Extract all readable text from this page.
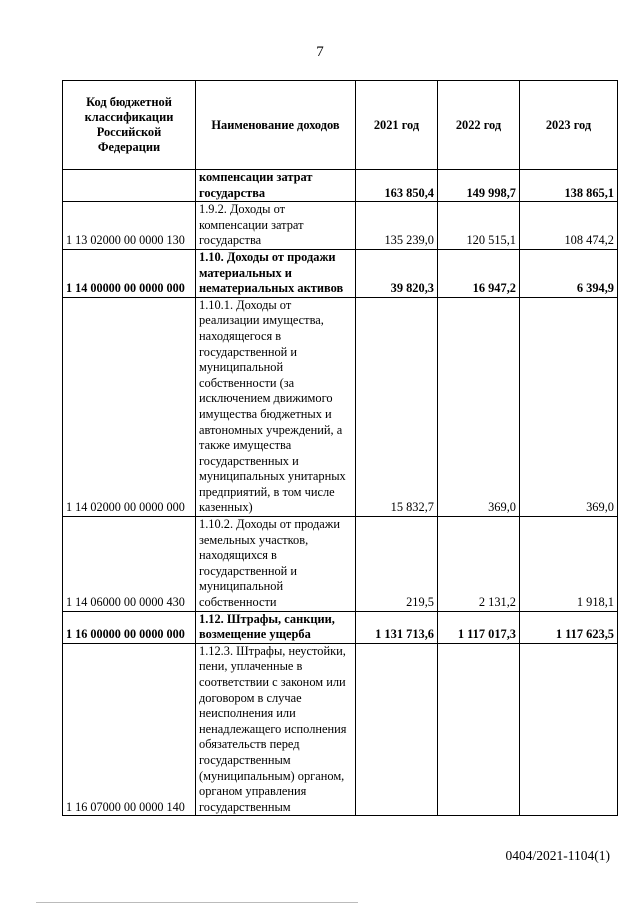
7
Код бюджетной классификации Российской Федерации	Наименование доходов	2021 год	2022 год	2023 год
	компенсации затрат государства	163 850,4	149 998,7	138 865,1
1 13 02000 00 0000 130	1.9.2. Доходы от компенсации затрат государства	135 239,0	120 515,1	108 474,2
1 14 00000 00 0000 000	1.10. Доходы от продажи материальных и нематериальных активов	39 820,3	16 947,2	6 394,9
1 14 02000 00 0000 000	1.10.1. Доходы от реализации имущества, находящегося в государственной и муниципальной собственности (за исключением движимого имущества бюджетных и автономных учреждений, а также имущества государственных и муниципальных унитарных предприятий, в том числе казенных)	15 832,7	369,0	369,0
1 14 06000 00 0000 430	1.10.2. Доходы от продажи земельных участков, находящихся в государственной и муниципальной собственности	219,5	2 131,2	1 918,1
1 16 00000 00 0000 000	1.12. Штрафы, санкции, возмещение ущерба	1 131 713,6	1 117 017,3	1 117 623,5
1 16 07000 00 0000 140	1.12.3. Штрафы, неустойки, пени, уплаченные в соответствии с законом или договором в случае неисполнения или ненадлежащего исполнения обязательств перед государственным (муниципальным) органом, органом управления государственным			
0404/2021-1104(1)
